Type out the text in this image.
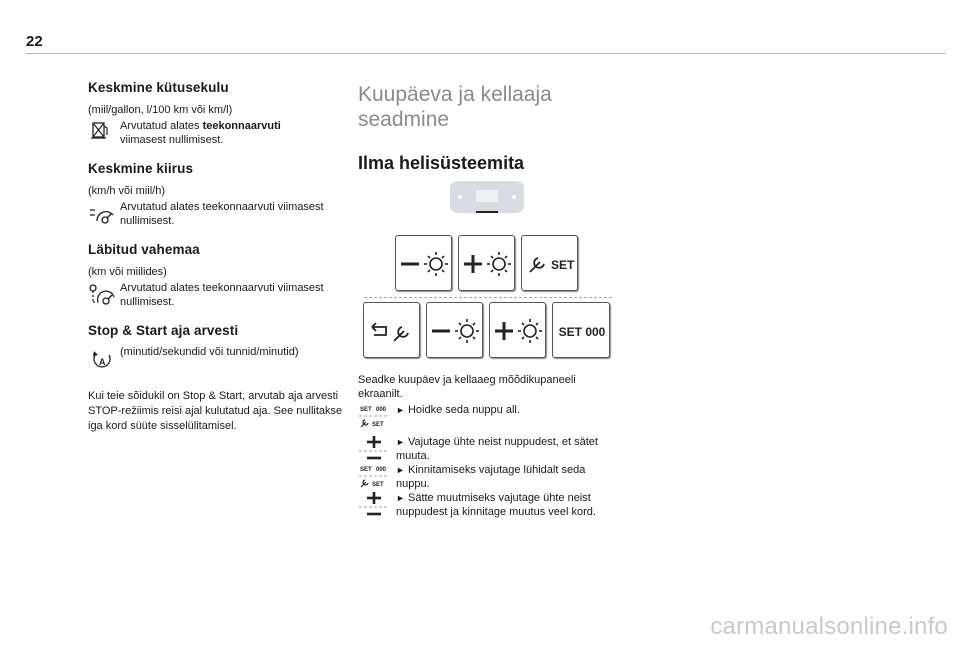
22
Keskmine kütusekulu
(miil/gallon, l/100 km või km/l)
Arvutatud alates teekonnaarvuti
viimasest nullimisest.
Keskmine kiirus
(km/h või miil/h)
Arvutatud alates teekonnaarvuti viimasest nullimisest.
Läbitud vahemaa
(km või miilides)
Arvutatud alates teekonnaarvuti viimasest nullimisest.
Stop & Start aja arvesti
A
(minutid/sekundid või tunnid/minutid)
Kui teie sõidukil on Stop & Start, arvutab aja arvesti STOP-režiimis reisi ajal kulutatud aja. See nullitakse iga kord süüte sisselülitamisel.
Kuupäeva ja kellaaja seadmine
Ilma helisüsteemita
SET
SET 000
Seadke kuupäev ja kellaaeg mõõdikupaneeli ekraanilt.
SET 000
SET
► Hoidke seda nuppu all.
► Vajutage ühte neist nuppudest, et sätet muuta.
SET 000
SET
► Kinnitamiseks vajutage lühidalt seda nuppu.
► Sätte muutmiseks vajutage ühte neist nuppudest ja kinnitage muutus veel kord.
carmanualsonline.info
